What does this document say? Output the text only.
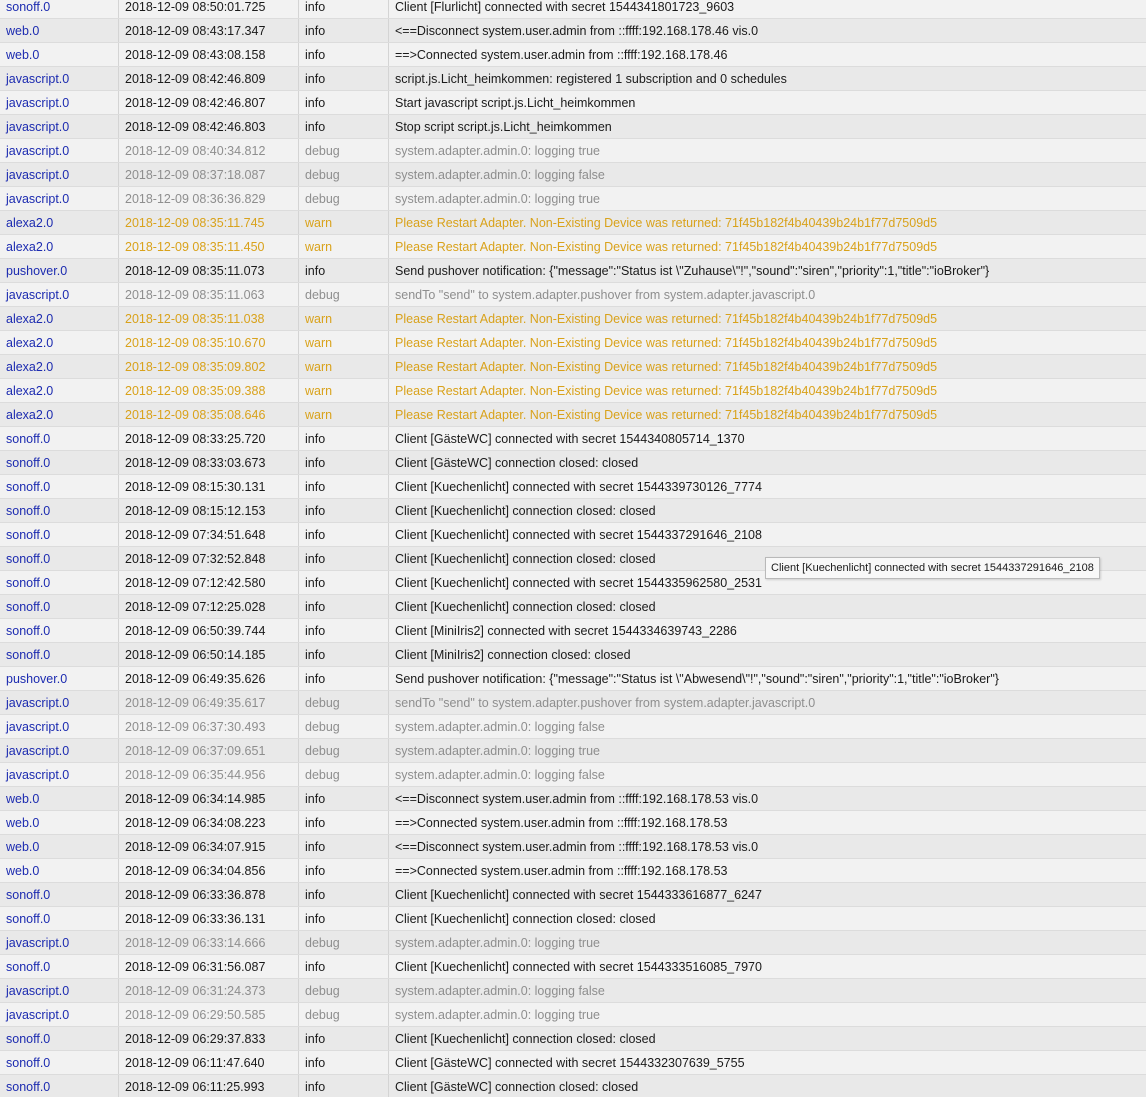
sonoff.0	2018-12-09 08:50:01.725	info	Client [Flurlicht] connected with secret 1544341801723_9603
web.0	2018-12-09 08:43:17.347	info	<==Disconnect system.user.admin from ::ffff:192.168.178.46 vis.0
web.0	2018-12-09 08:43:08.158	info	==>Connected system.user.admin from ::ffff:192.168.178.46
javascript.0	2018-12-09 08:42:46.809	info	script.js.Licht_heimkommen: registered 1 subscription and 0 schedules
javascript.0	2018-12-09 08:42:46.807	info	Start javascript script.js.Licht_heimkommen
javascript.0	2018-12-09 08:42:46.803	info	Stop script script.js.Licht_heimkommen
javascript.0	2018-12-09 08:40:34.812	debug	system.adapter.admin.0: logging true
javascript.0	2018-12-09 08:37:18.087	debug	system.adapter.admin.0: logging false
javascript.0	2018-12-09 08:36:36.829	debug	system.adapter.admin.0: logging true
alexa2.0	2018-12-09 08:35:11.745	warn	Please Restart Adapter. Non-Existing Device was returned: 71f45b182f4b40439b24b1f77d7509d5
alexa2.0	2018-12-09 08:35:11.450	warn	Please Restart Adapter. Non-Existing Device was returned: 71f45b182f4b40439b24b1f77d7509d5
pushover.0	2018-12-09 08:35:11.073	info	Send pushover notification: {"message":"Status ist \"Zuhause\"!","sound":"siren","priority":1,"title":"ioBroker"}
javascript.0	2018-12-09 08:35:11.063	debug	sendTo "send" to system.adapter.pushover from system.adapter.javascript.0
alexa2.0	2018-12-09 08:35:11.038	warn	Please Restart Adapter. Non-Existing Device was returned: 71f45b182f4b40439b24b1f77d7509d5
alexa2.0	2018-12-09 08:35:10.670	warn	Please Restart Adapter. Non-Existing Device was returned: 71f45b182f4b40439b24b1f77d7509d5
alexa2.0	2018-12-09 08:35:09.802	warn	Please Restart Adapter. Non-Existing Device was returned: 71f45b182f4b40439b24b1f77d7509d5
alexa2.0	2018-12-09 08:35:09.388	warn	Please Restart Adapter. Non-Existing Device was returned: 71f45b182f4b40439b24b1f77d7509d5
alexa2.0	2018-12-09 08:35:08.646	warn	Please Restart Adapter. Non-Existing Device was returned: 71f45b182f4b40439b24b1f77d7509d5
sonoff.0	2018-12-09 08:33:25.720	info	Client [GästeWC] connected with secret 1544340805714_1370
sonoff.0	2018-12-09 08:33:03.673	info	Client [GästeWC] connection closed: closed
sonoff.0	2018-12-09 08:15:30.131	info	Client [Kuechenlicht] connected with secret 1544339730126_7774
sonoff.0	2018-12-09 08:15:12.153	info	Client [Kuechenlicht] connection closed: closed
sonoff.0	2018-12-09 07:34:51.648	info	Client [Kuechenlicht] connected with secret 1544337291646_2108
sonoff.0	2018-12-09 07:32:52.848	info	Client [Kuechenlicht] connection closed: closed
sonoff.0	2018-12-09 07:12:42.580	info	Client [Kuechenlicht] connected with secret 1544335962580_2531
sonoff.0	2018-12-09 07:12:25.028	info	Client [Kuechenlicht] connection closed: closed
sonoff.0	2018-12-09 06:50:39.744	info	Client [MiniIris2] connected with secret 1544334639743_2286
sonoff.0	2018-12-09 06:50:14.185	info	Client [MiniIris2] connection closed: closed
pushover.0	2018-12-09 06:49:35.626	info	Send pushover notification: {"message":"Status ist \"Abwesend\"!","sound":"siren","priority":1,"title":"ioBroker"}
javascript.0	2018-12-09 06:49:35.617	debug	sendTo "send" to system.adapter.pushover from system.adapter.javascript.0
javascript.0	2018-12-09 06:37:30.493	debug	system.adapter.admin.0: logging false
javascript.0	2018-12-09 06:37:09.651	debug	system.adapter.admin.0: logging true
javascript.0	2018-12-09 06:35:44.956	debug	system.adapter.admin.0: logging false
web.0	2018-12-09 06:34:14.985	info	<==Disconnect system.user.admin from ::ffff:192.168.178.53 vis.0
web.0	2018-12-09 06:34:08.223	info	==>Connected system.user.admin from ::ffff:192.168.178.53
web.0	2018-12-09 06:34:07.915	info	<==Disconnect system.user.admin from ::ffff:192.168.178.53 vis.0
web.0	2018-12-09 06:34:04.856	info	==>Connected system.user.admin from ::ffff:192.168.178.53
sonoff.0	2018-12-09 06:33:36.878	info	Client [Kuechenlicht] connected with secret 1544333616877_6247
sonoff.0	2018-12-09 06:33:36.131	info	Client [Kuechenlicht] connection closed: closed
javascript.0	2018-12-09 06:33:14.666	debug	system.adapter.admin.0: logging true
sonoff.0	2018-12-09 06:31:56.087	info	Client [Kuechenlicht] connected with secret 1544333516085_7970
javascript.0	2018-12-09 06:31:24.373	debug	system.adapter.admin.0: logging false
javascript.0	2018-12-09 06:29:50.585	debug	system.adapter.admin.0: logging true
sonoff.0	2018-12-09 06:29:37.833	info	Client [Kuechenlicht] connection closed: closed
sonoff.0	2018-12-09 06:11:47.640	info	Client [GästeWC] connected with secret 1544332307639_5755
sonoff.0	2018-12-09 06:11:25.993	info	Client [GästeWC] connection closed: closed
Client [Kuechenlicht] connected with secret 1544337291646_2108
